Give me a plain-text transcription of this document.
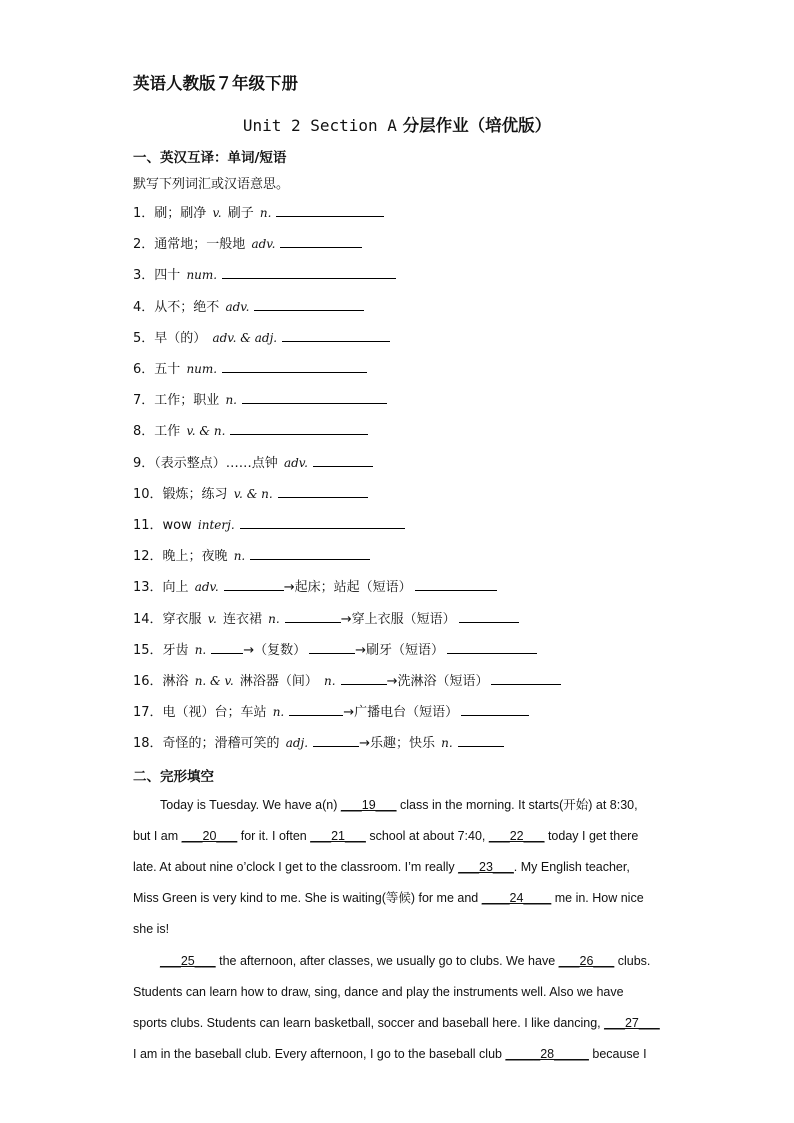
英语人教版７年级下册
Unit 2 Section A 分层作业（培优版）
一、英汉互译：单词/短语
默写下列词汇或汉语意思。
1．刷；刷净 v. 刷子 n.
2．通常地；一般地 adv.
3．四十 num.
4．从不；绝不 adv.
5．早（的） adv. & adj.
6．五十 num.
7．工作；职业 n.
8．工作 v. & n.
9．（表示整点）……点钟 adv.
10．锻炼；练习 v. & n.
11．wow interj.
12．晚上；夜晚 n.
13．向上 adv.	→起床；站起（短语）
14．穿衣服 v. 连衣裙 n.	→穿上衣服（短语）
15．牙齿 n.	→（复数）	→刷牙（短语）
16．淋浴 n. & v. 淋浴器（间） n.	→洗淋浴（短语）
17．电（视）台；车站 n.	→广播电台（短语）
18．奇怪的；滑稽可笑的 adj.	→乐趣；快乐 n.
二、完形填空
Today is Tuesday. We have a(n) ___19___ class in the morning. It starts(开始) at 8:30,
but I am ___20___ for it. I often ___21___ school at about 7:40, ___22___ today I get there
late. At about nine o’clock I get to the classroom. I’m really ___23___. My English teacher,
Miss Green is very kind to me. She is waiting(等候) for me and ____24____ me in. How nice
she is!
___25___ the afternoon, after classes, we usually go to clubs. We have ___26___ clubs.
Students can learn how to draw, sing, dance and play the instruments well. Also we have
sports clubs. Students can learn basketball, soccer and baseball here. I like dancing, ___27___
I am in the baseball club. Every afternoon, I go to the baseball club _____28_____ because I
